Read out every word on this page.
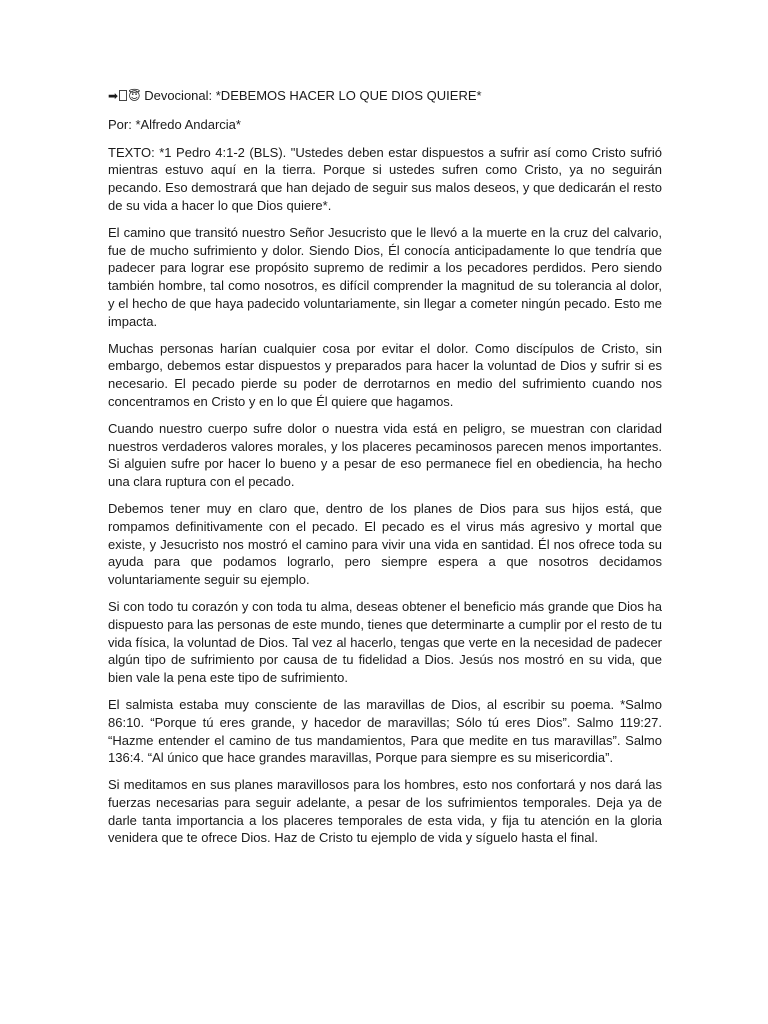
➡ 😇 Devocional: *DEBEMOS HACER LO QUE DIOS QUIERE*

Por: *Alfredo Andarcia*

TEXTO: *1 Pedro 4:1-2 (BLS). "Ustedes deben estar dispuestos a sufrir así como Cristo sufrió mientras estuvo aquí en la tierra. Porque si ustedes sufren como Cristo, ya no seguirán pecando. Eso demostrará que han dejado de seguir sus malos deseos, y que dedicarán el resto de su vida a hacer lo que Dios quiere*.

El camino que transitó nuestro Señor Jesucristo que le llevó a la muerte en la cruz del calvario, fue de mucho sufrimiento y dolor. Siendo Dios, Él conocía anticipadamente lo que tendría que padecer para lograr ese propósito supremo de redimir a los pecadores perdidos. Pero siendo también hombre, tal como nosotros, es difícil comprender la magnitud de su tolerancia al dolor, y el hecho de que haya padecido voluntariamente, sin llegar a cometer ningún pecado. Esto me impacta.

Muchas personas harían cualquier cosa por evitar el dolor. Como discípulos de Cristo, sin embargo, debemos estar dispuestos y preparados para hacer la voluntad de Dios y sufrir si es necesario. El pecado pierde su poder de derrotarnos en medio del sufrimiento cuando nos concentramos en Cristo y en lo que Él quiere que hagamos.

Cuando nuestro cuerpo sufre dolor o nuestra vida está en peligro, se muestran con claridad nuestros verdaderos valores morales, y los placeres pecaminosos parecen menos importantes. Si alguien sufre por hacer lo bueno y a pesar de eso permanece fiel en obediencia, ha hecho una clara ruptura con el pecado.

Debemos tener muy en claro que, dentro de los planes de Dios para sus hijos está, que rompamos definitivamente con el pecado. El pecado es el virus más agresivo y mortal que existe, y Jesucristo nos mostró el camino para vivir una vida en santidad. Él nos ofrece toda su ayuda para que podamos lograrlo, pero siempre espera a que nosotros decidamos voluntariamente seguir su ejemplo.

Si con todo tu corazón y con toda tu alma, deseas obtener el beneficio más grande que Dios ha dispuesto para las personas de este mundo, tienes que determinarte a cumplir por el resto de tu vida física, la voluntad de Dios. Tal vez al hacerlo, tengas que verte en la necesidad de padecer algún tipo de sufrimiento por causa de tu fidelidad a Dios. Jesús nos mostró en su vida, que bien vale la pena este tipo de sufrimiento.

El salmista estaba muy consciente de las maravillas de Dios, al escribir su poema. *Salmo 86:10. “Porque tú eres grande, y hacedor de maravillas; Sólo tú eres Dios”. Salmo 119:27. “Hazme entender el camino de tus mandamientos, Para que medite en tus maravillas”. Salmo 136:4. “Al único que hace grandes maravillas, Porque para siempre es su misericordia”.

Si meditamos en sus planes maravillosos para los hombres, esto nos confortará y nos dará las fuerzas necesarias para seguir adelante, a pesar de los sufrimientos temporales. Deja ya de darle tanta importancia a los placeres temporales de esta vida, y fija tu atención en la gloria venidera que te ofrece Dios. Haz de Cristo tu ejemplo de vida y síguelo hasta el final.
